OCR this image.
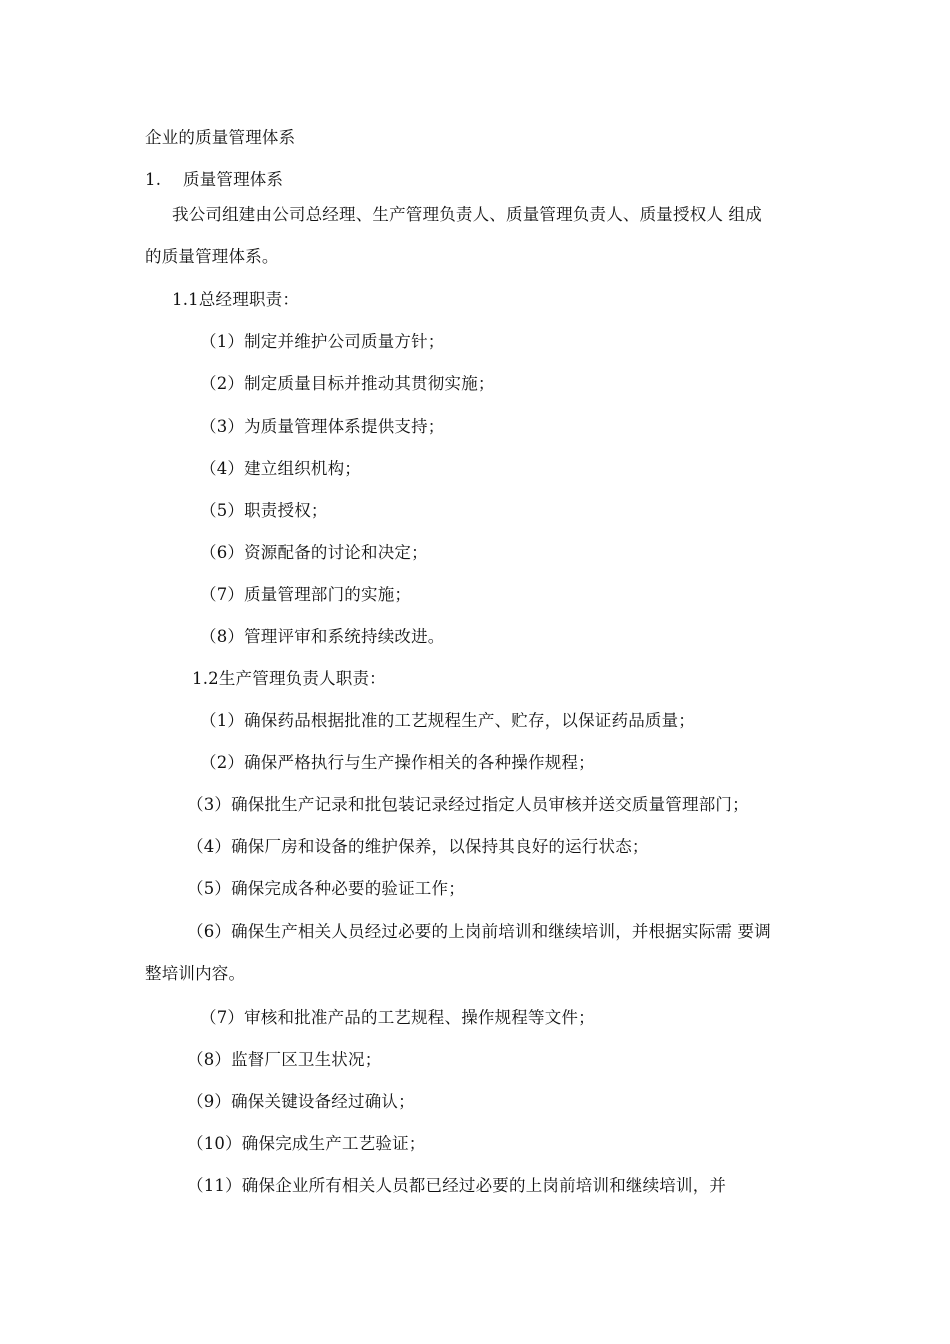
企业的质量管理体系
1. 质量管理体系
我公司组建由公司总经理、生产管理负责人、质量管理负责人、质量授权人 组成
的质量管理体系。
1.1总经理职责：
（1）制定并维护公司质量方针；
（2）制定质量目标并推动其贯彻实施；
（3）为质量管理体系提供支持；
（4）建立组织机构；
（5）职责授权；
（6）资源配备的讨论和决定；
（7）质量管理部门的实施；
（8）管理评审和系统持续改进。
1.2生产管理负责人职责：
（1）确保药品根据批准的工艺规程生产、贮存，以保证药品质量；
（2）确保严格执行与生产操作相关的各种操作规程；
（3）确保批生产记录和批包装记录经过指定人员审核并送交质量管理部门；
（4）确保厂房和设备的维护保养，以保持其良好的运行状态；
（5）确保完成各种必要的验证工作；
（6）确保生产相关人员经过必要的上岗前培训和继续培训，并根据实际需 要调
整培训内容。
（7）审核和批准产品的工艺规程、操作规程等文件；
（8）监督厂区卫生状况；
（9）确保关键设备经过确认；
（10）确保完成生产工艺验证；
（11）确保企业所有相关人员都已经过必要的上岗前培训和继续培训，并
